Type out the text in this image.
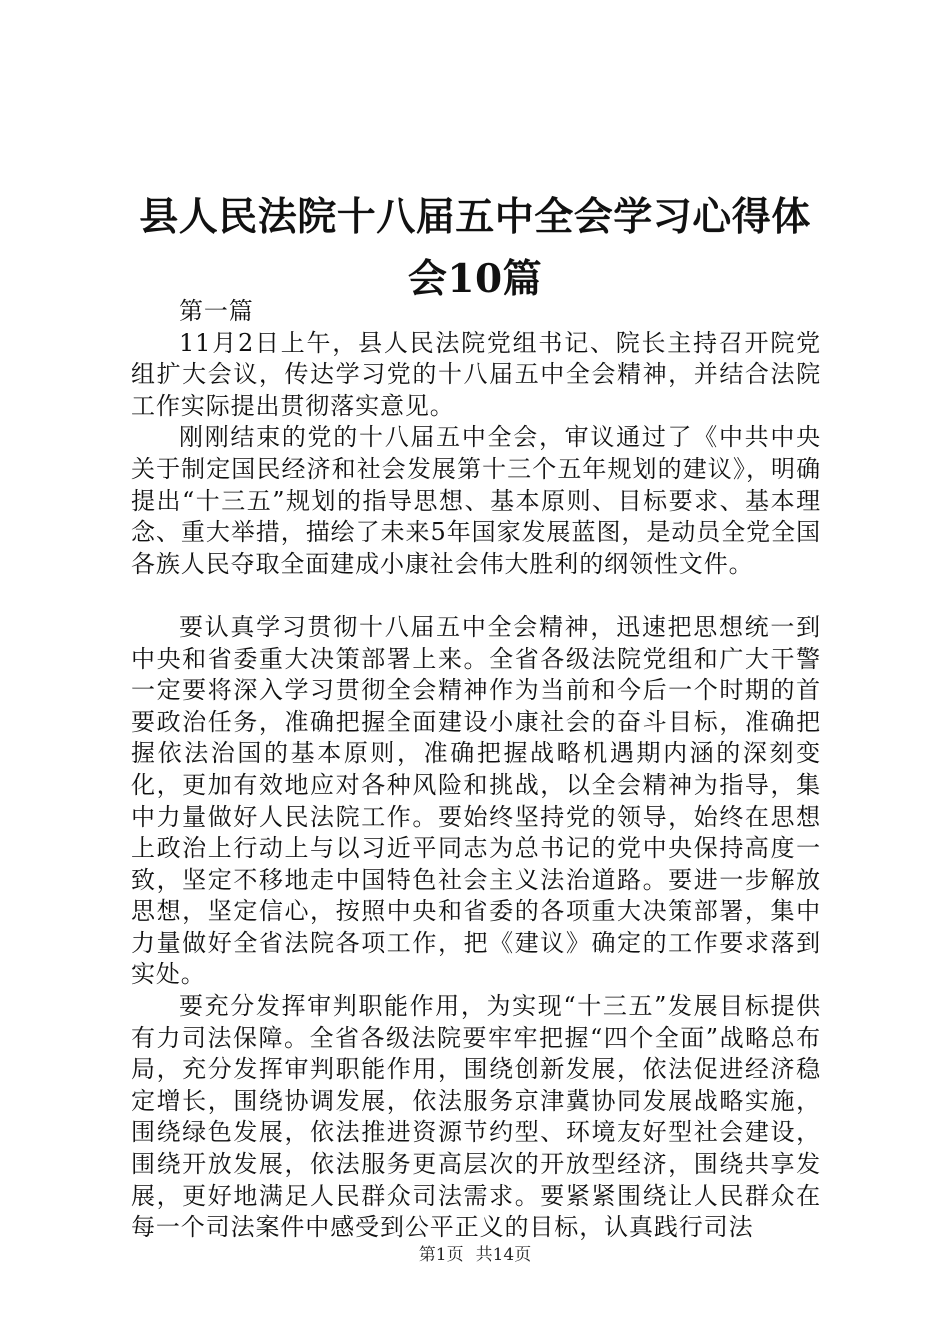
县人民法院十八届五中全会学习心得体会10篇

第一篇

11月2日上午，县人民法院党组书记、院长主持召开院党组扩大会议，传达学习党的十八届五中全会精神，并结合法院工作实际提出贯彻落实意见。

刚刚结束的党的十八届五中全会，审议通过了《中共中央关于制定国民经济和社会发展第十三个五年规划的建议》，明确提出“十三五”规划的指导思想、基本原则、目标要求、基本理念、重大举措，描绘了未来5年国家发展蓝图，是动员全党全国各族人民夺取全面建成小康社会伟大胜利的纲领性文件。

要认真学习贯彻十八届五中全会精神，迅速把思想统一到中央和省委重大决策部署上来。全省各级法院党组和广大干警一定要将深入学习贯彻全会精神作为当前和今后一个时期的首要政治任务，准确把握全面建设小康社会的奋斗目标，准确把握依法治国的基本原则，准确把握战略机遇期内涵的深刻变化，更加有效地应对各种风险和挑战，以全会精神为指导，集中力量做好人民法院工作。要始终坚持党的领导，始终在思想上政治上行动上与以习近平同志为总书记的党中央保持高度一致，坚定不移地走中国特色社会主义法治道路。要进一步解放思想，坚定信心，按照中央和省委的各项重大决策部署，集中力量做好全省法院各项工作，把《建议》确定的工作要求落到实处。

要充分发挥审判职能作用，为实现“十三五”发展目标提供有力司法保障。全省各级法院要牢牢把握“四个全面”战略总布局，充分发挥审判职能作用，围绕创新发展，依法促进经济稳定增长，围绕协调发展，依法服务京津冀协同发展战略实施，围绕绿色发展，依法推进资源节约型、环境友好型社会建设，围绕开放发展，依法服务更高层次的开放型经济，围绕共享发展，更好地满足人民群众司法需求。要紧紧围绕让人民群众在每一个司法案件中感受到公平正义的目标，认真践行司法

第1页 共14页
